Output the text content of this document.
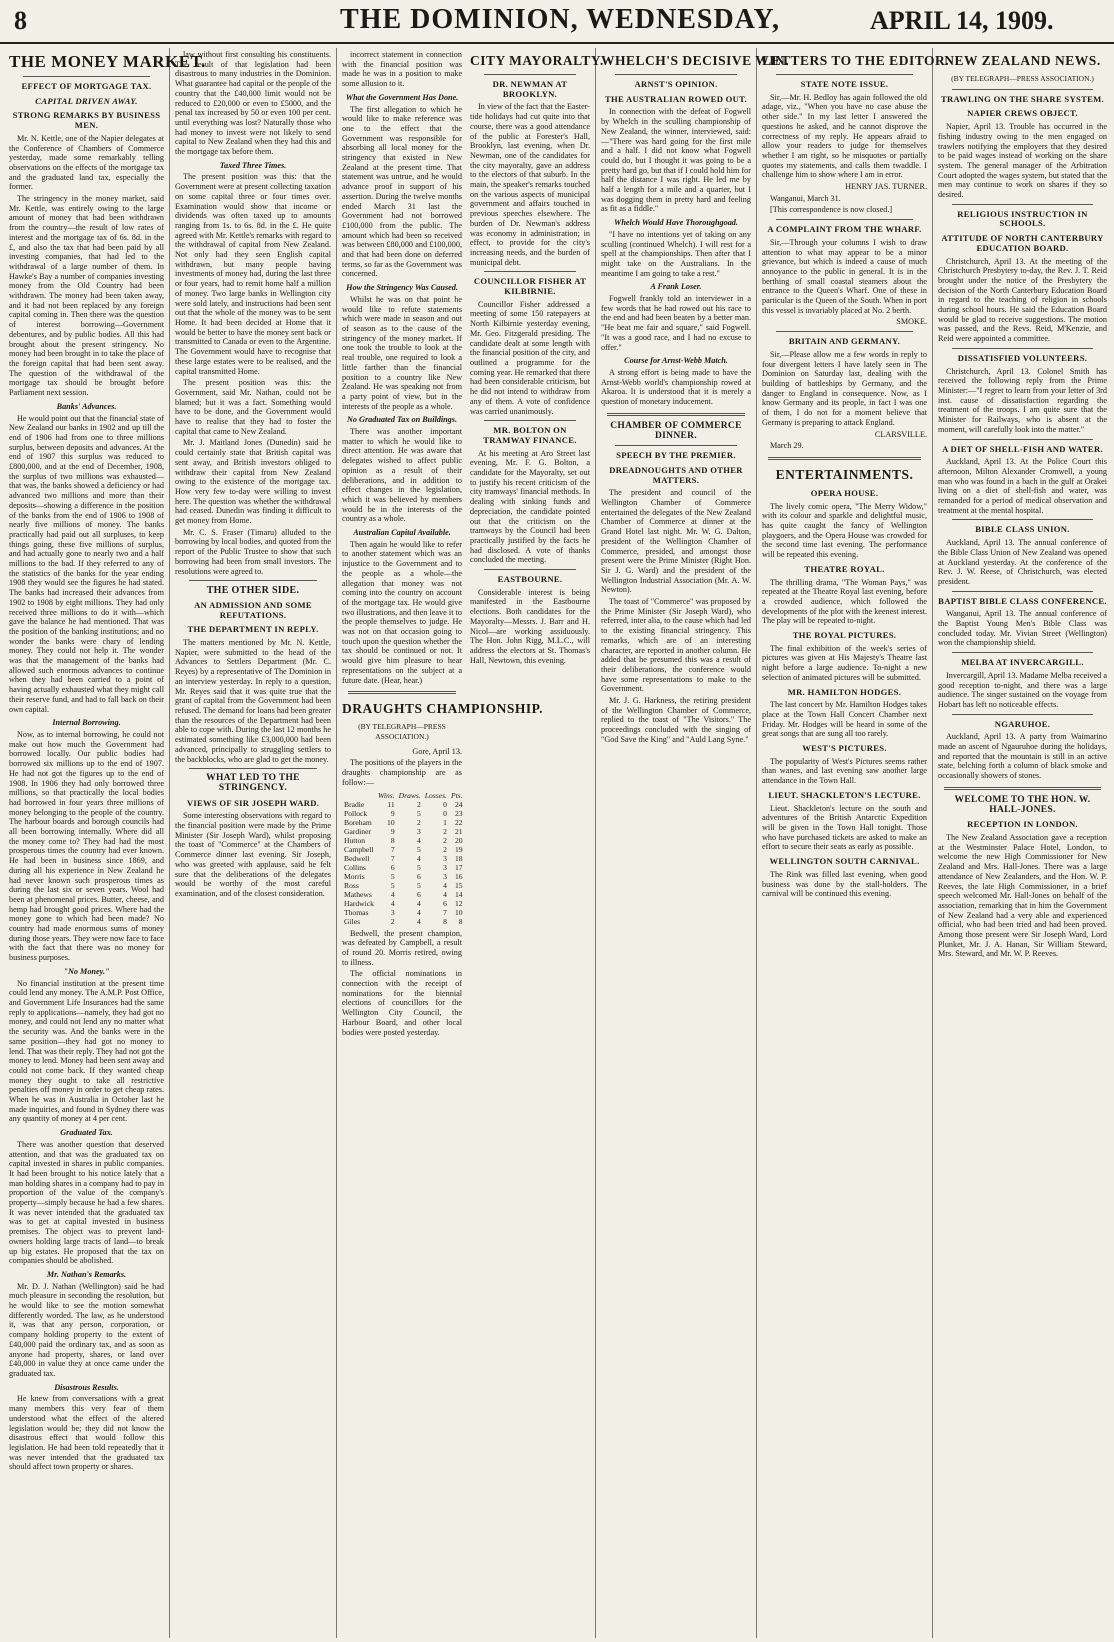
8	THE DOMINION, WEDNESDAY,	APRIL 14, 1909.
THE MONEY MARKET.
EFFECT OF MORTGAGE TAX.
CAPITAL DRIVEN AWAY.
STRONG REMARKS BY BUSINESS MEN.

Mr. N. Kettle, one of the Napier delegates at the Conference of Chambers of Commerce yesterday, made some remarkably telling observations on the effects of the mortgage tax and the graduated land tax, especially the former.

The stringency in the money market, said Mr. Kettle, was entirely owing to the large amount of money that had been withdrawn from the country—the result of low rates of interest and the mortgage tax of 6s. 8d. in the £, and also the tax that had been paid by all investing companies, that had led to the withdrawal of a large number of them. In Hawke's Bay a number of companies investing money from the Old Country had been withdrawn. The money had been taken away, and it had not been replaced by any foreign capital coming in. Then there was the question of interest borrowing—Government debentures, and by public bodies. All this had brought about the present stringency. No money had been brought in to take the place of the foreign capital that had been sent away. The question of the withdrawal of the mortgage tax should be brought before Parliament next session.

Banks' Advances.

He would point out that the financial state of New Zealand our banks in 1902 and up till the end of 1906 had from one to three millions surplus, between deposits and advances. At the end of 1907 this surplus was reduced to £800,000, and at the end of December, 1908, the surplus of two millions was exhausted—that was, the banks showed a deficiency or had advanced two millions and more than their deposits—showing a difference in the position of the banks from the end of 1906 to 1908 of nearly five millions of money. The banks practically had paid out all surpluses, to keep things going, these five millions of surplus, and had actually gone to nearly two and a half millions to the bad. If they referred to any of the statistics of the banks for the year ending 1908 they would see the figures he had stated. The banks had increased their advances from 1902 to 1908 by eight millions. They had only received three millions to do it with—which gave the balance he had mentioned. That was the position of the banking institutions; and no wonder the banks were chary of lending money. They could not help it. The wonder was that the management of the banks had allowed such enormous advances to continue when they had been carried to a point of having actually exhausted what they might call their reserve fund, and had to fall back on their own capital.

Internal Borrowing.

Now, as to internal borrowing, he could not make out how much the Government had borrowed locally. Our public bodies had borrowed six millions up to the end of 1907. He had not got the figures up to the end of 1908. In 1906 they had only borrowed three millions, so that practically the local bodies had borrowed in four years three millions of money belonging to the people of the country. The harbour boards and borough councils had all been borrowing internally. Where did all the money come to? They had had the most prosperous times the country had ever known. He had been in business since 1869, and during all his experience in New Zealand he had never known such prosperous times as during the last six or seven years. Wool had been at phenomenal prices. Butter, cheese, and hemp had brought good prices. Where had the money gone to which had been made? No country had made enormous sums of money during those years. They were now face to face with the fact that there was no money for business purposes.

"No Money."

No financial institution at the present time could lend any money. The A.M.P. Post Office, and Government Life Insurances had the same reply to applications—namely, they had got no money, and could not lend any no matter what the security was. And the banks were in the same position—they had got no money to lend. That was their reply. They had not got the money to lend. Money had been sent away and could not come back. If they wanted cheap money they ought to take all restrictive penalties off money in order to get cheap rates. When he was in Australia in October last he made inquiries, and found in Sydney there was any quantity of money at 4 per cent.

Graduated Tax.

There was another question that deserved attention, and that was the graduated tax on capital invested in shares in public companies. It had been brought to his notice lately that a man holding shares in a company had to pay in proportion of the value of the company's property—simply because he had a few shares. It was never intended that the graduated tax was to get at capital invested in business premises. The object was to prevent land-owners holding large tracts of land—to break up big estates. He proposed that the tax on companies should be abolished.

Mr. Nathan's Remarks.

Mr. D. J. Nathan (Wellington) said he had much pleasure in seconding the resolution, but he would like to see the motion somewhat differently worded. The law, as he understood it, was that any person, corporation, or company holding property to the extent of £40,000 paid the ordinary tax, and as soon as anyone had property, shares, or land over £40,000 in value they at once came under the graduated tax.

Disastrous Results.

He knew from conversations with a great many members this very fear of them understood what the effect of the altered legislation would be; they did not know the disastrous effect that would follow this legislation. He had been told repeatedly that it was never intended that the graduated tax should affect town property or shares.

law without first consulting his constituents. The result of that legislation had been disastrous to many industries in the Dominion. What guarantee had capital or the people of the country that the £40,000 limit would not be reduced to £20,000 or even to £5000, and the penal tax increased by 50 or even 100 per cent. until everything was lost? Naturally those who had money to invest were not likely to send capital to New Zealand when they had this and the mortgage tax before them.

Taxed Three Times.

The present position was this: that the Government were at present collecting taxation on some capital three or four times over. Examination would show that income or dividends was often taxed up to amounts ranging from 1s. to 6s. 8d. in the £. He quite agreed with Mr. Kettle's remarks with regard to the withdrawal of capital from New Zealand. Not only had they seen English capital withdrawn, but many people having investments of money had, during the last three or four years, had to remit home half a million of money. Two large banks in Wellington city were sold lately, and instructions had been sent out that the whole of the money was to be sent Home. It had been decided at Home that it would be better to have the money sent back or transmitted to Canada or even to the Argentine. The Government would have to recognise that these large estates were to be realised, and the capital transmitted Home.

The present position was this: the Government, said Mr. Nathan, could not be blamed; but it was a fact. Something would have to be done, and the Government would have to realise that they had to foster the capital that came to New Zealand.

Mr. J. Maitland Jones (Dunedin) said he could certainly state that British capital was sent away, and British investors obliged to withdraw their capital from New Zealand owing to the existence of the mortgage tax. How very few to-day were willing to invest here. The question was whether the withdrawal had ceased. Dunedin was finding it difficult to get money from Home.

Mr. C. S. Fraser (Timaru) alluded to the borrowing by local bodies, and quoted from the report of the Public Trustee to show that such borrowing had been from small investors. The resolutions were agreed to.

THE OTHER SIDE.
AN ADMISSION AND SOME REFUTATIONS.
THE DEPARTMENT IN REPLY.

The matters mentioned by Mr. N. Kettle, Napier, were submitted to the head of the Advances to Settlers Department (Mr. C. Reyes) by a representative of The Dominion in an interview yesterday. In reply to a question, Mr. Reyes said that it was quite true that the grant of capital from the Government had been refused. The demand for loans had been greater than the resources of the Department had been able to cope with. During the last 12 months he estimated something like £3,000,000 had been advanced, principally to struggling settlers to the backblocks, who are glad to get the money.

WHAT LED TO THE STRINGENCY.
VIEWS OF SIR JOSEPH WARD.

Some interesting observations with regard to the financial position were made by the Prime Minister (Sir Joseph Ward), whilst proposing the toast of "Commerce" at the Chambers of Commerce dinner last evening. Sir Joseph, who was greeted with applause, said he felt sure that the deliberations of the delegates would be worthy of the most careful examination, and of the closest consideration.

incorrect statement in connection with the financial position was made he was in a position to make some allusion to it.

What the Government Has Done.

The first allegation to which he would like to make reference was one to the effect that the Government was responsible for absorbing all local money for the stringency that existed in New Zealand at the present time. That statement was untrue, and he would advance proof in support of his assertion. During the twelve months ended March 31 last the Government had not borrowed £100,000 from the public. The amount which had been so received was between £80,000 and £100,000, and that had been done on deferred terms, so far as the Government was concerned.

How the Stringency Was Caused.

Whilst he was on that point he would like to refute statements which were made in season and out of season as to the cause of the stringency of the money market. If one took the trouble to look at the real trouble, one required to look a little farther than the financial position to a country like New Zealand. He was speaking not from a party point of view, but in the interests of the people as a whole.

No Graduated Tax on Buildings.

There was another important matter to which he would like to direct attention. He was aware that delegates wished to affect public opinion as a result of their deliberations, and in addition to effect changes in the legislation, which it was believed by members would be in the interests of the country as a whole.

Australian Capital Available.

Then again he would like to refer to another statement which was an injustice to the Government and to the people as a whole—the allegation that money was not coming into the country on account of the mortgage tax. He would give two illustrations, and then leave it to the people themselves to judge. He was not on that occasion going to touch upon the question whether the tax should be continued or not. It would give him pleasure to hear representations on the subject at a future date. (Hear, hear.)

DRAUGHTS CHAMPIONSHIP.
(BY TELEGRAPH—PRESS ASSOCIATION.)

Gore, April 13.

The positions of the players in the draughts championship are as follow:—

	Wins.	Draws.	Losses.	Pts.
Bradie	11	2	0	24
Pollock	9	5	0	23
Boreham	10	2	1	22
Gardiner	9	3	2	21
Hutton	8	4	2	20
Campbell	7	5	2	19
Bedwell	7	4	3	18
Collins	6	5	3	17
Morris	5	6	3	16
Ross	5	5	4	15
Mathews	4	6	4	14
Hardwick	4	4	6	12
Thomas	3	4	7	10
Giles	2	4	8	8

Bedwell, the present champion, was defeated by Campbell, a result of round 20. Morris retired, owing to illness.

The official nominations in connection with the receipt of nominations for the biennial elections of councillors for the Wellington City Council, the Harbour Board, and other local bodies were posted yesterday.

CITY MAYORALTY.
DR. NEWMAN AT BROOKLYN.

In view of the fact that the Easter-tide holidays had cut quite into that course, there was a good attendance of the public at Forester's Hall, Brooklyn, last evening, when Dr. Newman, one of the candidates for the city mayoralty, gave an address to the electors of that suburb. In the main, the speaker's remarks touched on the various aspects of municipal government and affairs touched in previous speeches elsewhere. The burden of Dr. Newman's address was economy in administration; in effect, to provide for the city's increasing needs, and the burden of municipal debt.

COUNCILLOR FISHER AT KILBIRNIE.

Councillor Fisher addressed a meeting of some 150 ratepayers at North Kilbirnie yesterday evening, Mr. Geo. Fitzgerald presiding. The candidate dealt at some length with the financial position of the city, and outlined a programme for the coming year. He remarked that there had been considerable criticism, but he did not intend to withdraw from any of them. A vote of confidence was carried unanimously.

MR. BOLTON ON TRAMWAY FINANCE.

At his meeting at Aro Street last evening, Mr. F. G. Bolton, a candidate for the Mayoralty, set out to justify his recent criticism of the city tramways' financial methods. In dealing with sinking funds and depreciation, the candidate pointed out that the criticism on the tramways by the Council had been practically justified by the facts he had disclosed. A vote of thanks concluded the meeting.

EASTBOURNE.

Considerable interest is being manifested in the Eastbourne elections. Both candidates for the Mayoralty—Messrs. J. Barr and H. Nicol—are working assiduously. The Hon. John Rigg, M.L.C., will address the electors at St. Thomas's Hall, Newtown, this evening.

WHELCH'S DECISIVE WIN.
ARNST'S OPINION.
THE AUSTRALIAN ROWED OUT.

In connection with the defeat of Fogwell by Whelch in the sculling championship of New Zealand, the winner, interviewed, said:—"There was hard going for the first mile and a half. I did not know what Fogwell could do, but I thought it was going to be a pretty hard go, but that if I could hold him for half the distance I was right. He led me by half a length for a mile and a quarter, but I was dogging them in pretty hard and feeling as fit as a fiddle."

Whelch Would Have Thoroughgoad.

"I have no intentions yet of taking on any sculling (continued Whelch). I will rest for a spell at the championships. Then after that I might take on the Australians. In the meantime I am going to take a rest."

A Frank Loser.

Fogwell frankly told an interviewer in a few words that he had rowed out his race to the end and had been beaten by a better man. "He beat me fair and square," said Fogwell. "It was a good race, and I had no excuse to offer."

Course for Arnst-Webb Match.

A strong effort is being made to have the Arnst-Webb world's championship rowed at Akaroa. It is understood that it is merely a question of monetary inducement.

CHAMBER OF COMMERCE DINNER.
SPEECH BY THE PREMIER.
DREADNOUGHTS AND OTHER MATTERS.

The president and council of the Wellington Chamber of Commerce entertained the delegates of the New Zealand Chamber of Commerce at dinner at the Grand Hotel last night. Mr. W. G. Dalton, president of the Wellington Chamber of Commerce, presided, and amongst those present were the Prime Minister (Right Hon. Sir J. G. Ward) and the president of the Wellington Industrial Association (Mr. A. W. Newton).

The toast of "Commerce" was proposed by the Prime Minister (Sir Joseph Ward), who referred, inter alia, to the cause which had led to the existing financial stringency. This remarks, which are of an interesting character, are reported in another column. He added that he presumed this was a result of their deliberations, the conference would have some representations to make to the Government.

Mr. J. G. Harkness, the retiring president of the Wellington Chamber of Commerce, replied to the toast of "The Visitors." The proceedings concluded with the singing of "God Save the King" and "Auld Lang Syne."

LETTERS TO THE EDITOR.
STATE NOTE ISSUE.

Sir,—Mr. H. Bedloy has again followed the old adage, viz., "When you have no case abuse the other side." In my last letter I answered the questions he asked, and he cannot disprove the correctness of my reply. He appears afraid to allow your readers to judge for themselves whether I am right, so he misquotes or partially quotes my statements, and calls them twaddle. I challenge him to show where I am in error.

HENRY JAS. TURNER.

Wanganui, March 31.

[This correspondence is now closed.]

A COMPLAINT FROM THE WHARF.

Sir,—Through your columns I wish to draw attention to what may appear to be a minor grievance, but which is indeed a cause of much annoyance to the public in general. It is in the berthing of small coastal steamers about the entrance to the Queen's Wharf. One of these in particular is the Queen of the South. When in port this vessel is invariably placed at No. 2 berth.

SMOKE.

BRITAIN AND GERMANY.

Sir,—Please allow me a few words in reply to four divergent letters I have lately seen in The Dominion on Saturday last, dealing with the building of battleships by Germany, and the danger to England in consequence. Now, as I know Germany and its people, in fact I was one of them, I do not for a moment believe that Germany is preparing to attack England.

CLARSVILLE.

March 29.

ENTERTAINMENTS.
OPERA HOUSE.

The lively comic opera, "The Merry Widow," with its colour and sparkle and delightful music, has quite caught the fancy of Wellington playgoers, and the Opera House was crowded for the second time last evening. The performance will be repeated this evening.

THEATRE ROYAL.

The thrilling drama, "The Woman Pays," was repeated at the Theatre Royal last evening, before a crowded audience, which followed the developments of the plot with the keenest interest. The play will be repeated to-night.

THE ROYAL PICTURES.

The final exhibition of the week's series of pictures was given at His Majesty's Theatre last night before a large audience. To-night a new selection of animated pictures will be submitted.

MR. HAMILTON HODGES.

The last concert by Mr. Hamilton Hodges takes place at the Town Hall Concert Chamber next Friday. Mr. Hodges will be heard in some of the great songs that are sung all too rarely.

WEST'S PICTURES.

The popularity of West's Pictures seems rather than wanes, and last evening saw another large attendance in the Town Hall.

LIEUT. SHACKLETON'S LECTURE.

Lieut. Shackleton's lecture on the south and adventures of the British Antarctic Expedition will be given in the Town Hall tonight. Those who have purchased tickets are asked to make an effort to secure their seats as early as possible.

WELLINGTON SOUTH CARNIVAL.

The Rink was filled last evening, when good business was done by the stall-holders. The carnival will be continued this evening.

NEW ZEALAND NEWS.
(BY TELEGRAPH—PRESS ASSOCIATION.)
TRAWLING ON THE SHARE SYSTEM.
NAPIER CREWS OBJECT.

Napier, April 13. Trouble has occurred in the fishing industry owing to the men engaged on trawlers notifying the employers that they desired to be paid wages instead of working on the share system. The general manager of the Arbitration Court adopted the wages system, but stated that the men may continue to work on shares if they so desired.

RELIGIOUS INSTRUCTION IN SCHOOLS.
ATTITUDE OF NORTH CANTERBURY EDUCATION BOARD.

Christchurch, April 13. At the meeting of the Christchurch Presbytery to-day, the Rev. J. T. Reid brought under the notice of the Presbytery the decision of the North Canterbury Education Board in regard to the teaching of religion in schools during school hours. He said the Education Board would be glad to receive suggestions. The motion was passed, and the Revs. Reid, M'Kenzie, and Reid were appointed a committee.

DISSATISFIED VOLUNTEERS.

Christchurch, April 13. Colonel Smith has received the following reply from the Prime Minister:—"I regret to learn from your letter of 3rd inst. cause of dissatisfaction regarding the treatment of the troops. I am quite sure that the Minister for Railways, who is absent at the moment, will carefully look into the matter."

A DIET OF SHELL-FISH AND WATER.

Auckland, April 13. At the Police Court this afternoon, Milton Alexander Cromwell, a young man who was found in a bach in the gulf at Orakei living on a diet of shell-fish and water, was remanded for a period of medical observation and treatment at the mental hospital.

BIBLE CLASS UNION.

Auckland, April 13. The annual conference of the Bible Class Union of New Zealand was opened at Auckland yesterday. At the conference of the Rev. J. W. Reese, of Christchurch, was elected president.

BAPTIST BIBLE CLASS CONFERENCE.

Wanganui, April 13. The annual conference of the Baptist Young Men's Bible Class was concluded today. Mr. Vivian Street (Wellington) won the championship shield.

MELBA AT INVERCARGILL.

Invercargill, April 13. Madame Melba received a good reception to-night, and there was a large audience. The singer sustained on the voyage from Hobart has left no noticeable effects.

NGARUHOE.

Auckland, April 13. A party from Waimarino made an ascent of Ngauruhoe during the holidays, and reported that the mountain is still in an active state, belching forth a column of black smoke and occasionally showers of stones.

WELCOME TO THE HON. W. HALL-JONES.
RECEPTION IN LONDON.

The New Zealand Association gave a reception at the Westminster Palace Hotel, London, to welcome the new High Commissioner for New Zealand and Mrs. Hall-Jones. There was a large attendance of New Zealanders, and the Hon. W. P. Reeves, the late High Commissioner, in a brief speech welcomed Mr. Hall-Jones on behalf of the association, remarking that in him the Government of New Zealand had a very able and experienced official, who had been tried and had been proved. Among those present were Sir Joseph Ward, Lord Plunket, Mr. J. A. Hanan, Sir William Steward, Mrs. Steward, and Mr. W. P. Reeves.
